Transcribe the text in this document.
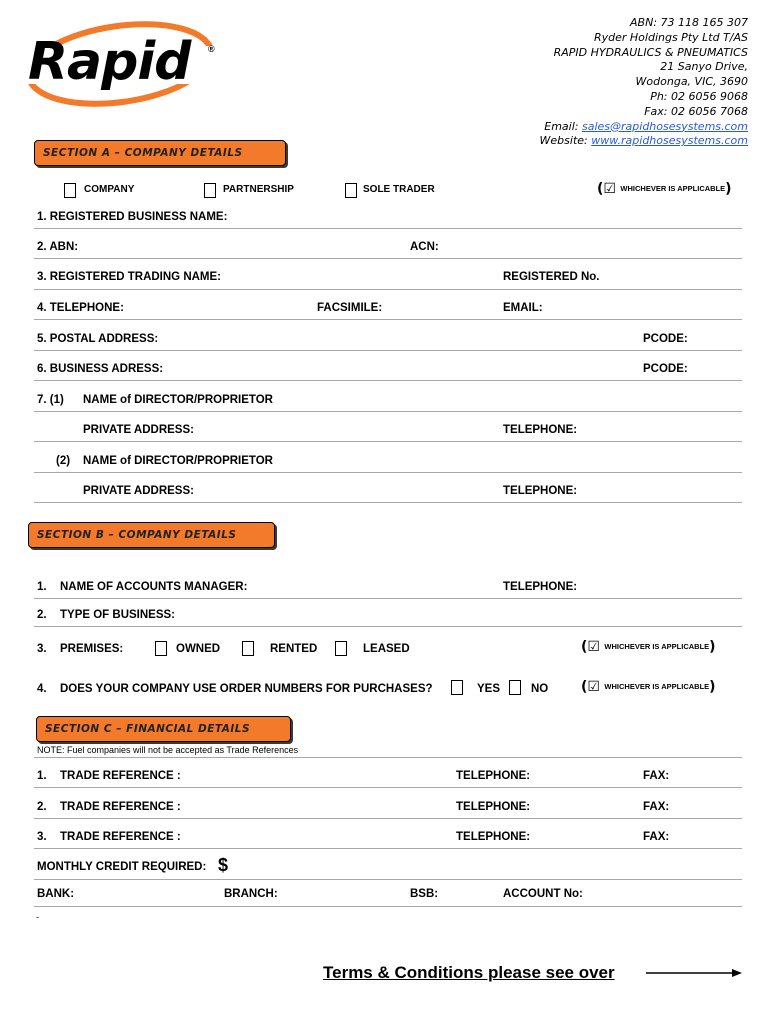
Rapid ®
ABN: 73 118 165 307
Ryder Holdings Pty Ltd T/AS
RAPID HYDRAULICS & PNEUMATICS
21 Sanyo Drive,
Wodonga, VIC, 3690
Ph: 02 6056 9068
Fax: 02 6056 7068
Email: sales@rapidhosesystems.com
Website: www.rapidhosesystems.com
SECTION A – COMPANY DETAILS
COMPANY	PARTNERSHIP	SOLE TRADER	(☑ WHICHEVER IS APPLICABLE)
1. REGISTERED BUSINESS NAME:
2. ABN:	ACN:
3. REGISTERED TRADING NAME:	REGISTERED No.
4. TELEPHONE:	FACSIMILE:	EMAIL:
5. POSTAL ADDRESS:	PCODE:
6. BUSINESS ADRESS:	PCODE:
7. (1) NAME of DIRECTOR/PROPRIETOR
PRIVATE ADDRESS:	TELEPHONE:
(2) NAME of DIRECTOR/PROPRIETOR
PRIVATE ADDRESS:	TELEPHONE:
SECTION B – COMPANY DETAILS
1. NAME OF ACCOUNTS MANAGER:	TELEPHONE:
2. TYPE OF BUSINESS:
3. PREMISES:	OWNED	RENTED	LEASED	(☑ WHICHEVER IS APPLICABLE)
4. DOES YOUR COMPANY USE ORDER NUMBERS FOR PURCHASES?	YES	NO (☑ WHICHEVER IS APPLICABLE)
SECTION C – FINANCIAL DETAILS
NOTE: Fuel companies will not be accepted as Trade References
1. TRADE REFERENCE :	TELEPHONE:	FAX:
2. TRADE REFERENCE :	TELEPHONE:	FAX:
3. TRADE REFERENCE :	TELEPHONE:	FAX:
MONTHLY CREDIT REQUIRED: $
BANK:	BRANCH:	BSB:	ACCOUNT No:
-
Terms & Conditions please see over
